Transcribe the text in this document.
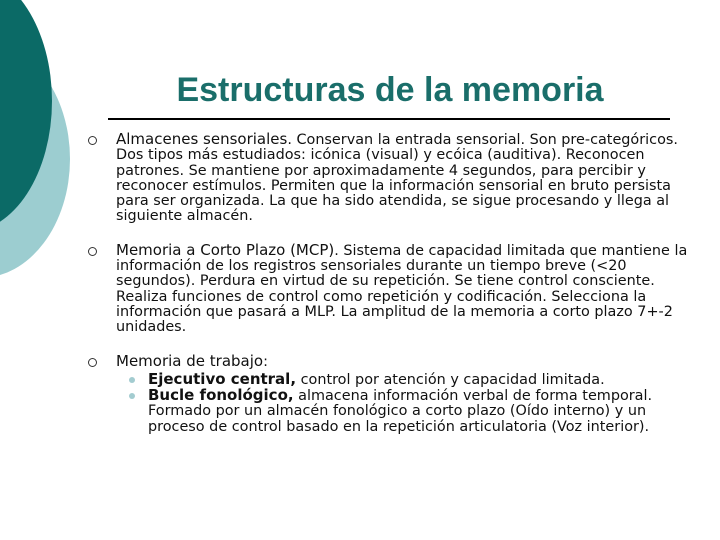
Estructuras de la memoria
Almacenes sensoriales. Conservan la entrada sensorial. Son pre-categóricos. Dos tipos más estudiados: icónica (visual) y ecóica (auditiva). Reconocen patrones. Se mantiene por aproximadamente 4 segundos, para percibir y reconocer estímulos. Permiten que la información sensorial en bruto persista para ser organizada. La que ha sido atendida, se sigue procesando y llega al siguiente almacén.
Memoria a Corto Plazo (MCP). Sistema de capacidad limitada que mantiene la información de los registros sensoriales durante un tiempo breve (<20 segundos). Perdura en virtud de su repetición. Se tiene control consciente. Realiza funciones de control como repetición y codificación. Selecciona la información que pasará a MLP. La amplitud de la memoria a corto plazo 7+-2 unidades.
Memoria de trabajo:
Ejecutivo central, control por atención y capacidad limitada.
Bucle fonológico, almacena información verbal de forma temporal. Formado por un almacén fonológico a corto plazo (Oído interno) y un proceso de control basado en la repetición articulatoria (Voz interior).
